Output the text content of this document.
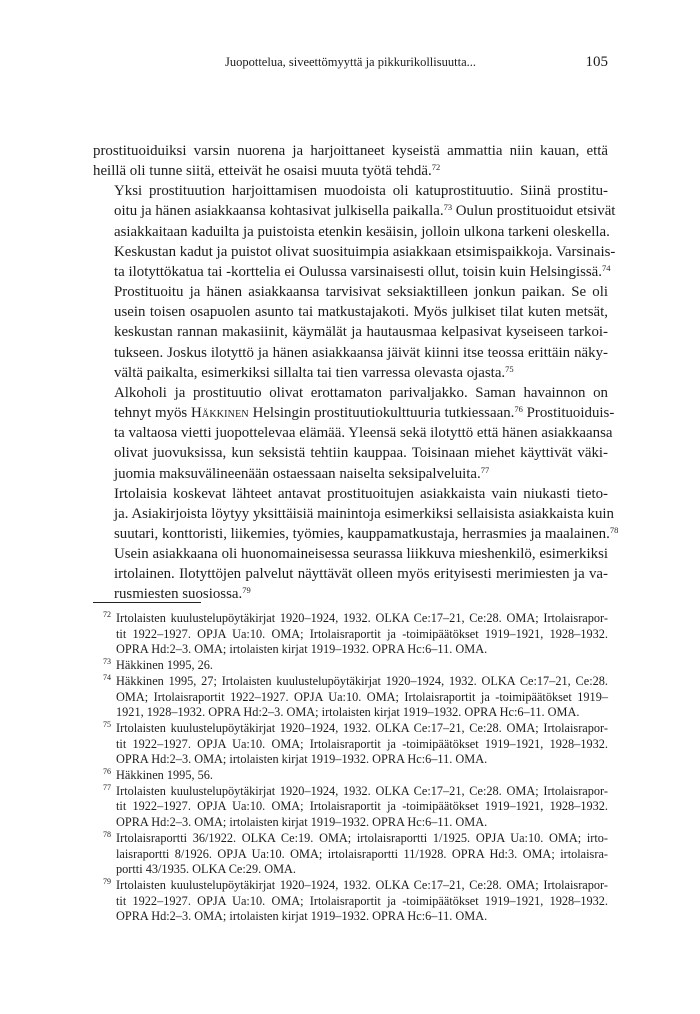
Juopottelua, siveettömyyttä ja pikkurikollisuutta...	105

prostituoiduiksi varsin nuorena ja harjoittaneet kyseistä ammattia niin kauan, että
heillä oli tunne siitä, etteivät he osaisi muuta työtä tehdä.$^{72}$

Yksi prostituution harjoittamisen muodoista oli katuprostituutio. Siinä prostitu-
oitu ja hänen asiakkaansa kohtasivat julkisella paikalla.$^{73}$ Oulun prostituoidut etsivät
asiakkaitaan kaduilta ja puistoista etenkin kesäisin, jolloin ulkona tarkeni oleskella.
Keskustan kadut ja puistot olivat suosituimpia asiakkaan etsimispaikkoja. Varsinais-
ta ilotyttökatua tai -korttelia ei Oulussa varsinaisesti ollut, toisin kuin Helsingissä.$^{74}$

Prostituoitu ja hänen asiakkaansa tarvisivat seksiaktilleen jonkun paikan. Se oli
usein toisen osapuolen asunto tai matkustajakoti. Myös julkiset tilat kuten metsät,
keskustan rannan makasiinit, käymälät ja hautausmaa kelpasivat kyseiseen tarkoi-
tukseen. Joskus ilotyttö ja hänen asiakkaansa jäivät kiinni itse teossa erittäin näky-
vältä paikalta, esimerkiksi sillalta tai tien varressa olevasta ojasta.$^{75}$

Alkoholi ja prostituutio olivat erottamaton parivaljakko. Saman havainnon on
tehnyt myös Häkkinen Helsingin prostituutiokulttuuria tutkiessaan.$^{76}$ Prostituoiduis-
ta valtaosa vietti juopottelevaa elämää. Yleensä sekä ilotyttö että hänen asiakkaansa
olivat juovuksissa, kun seksistä tehtiin kauppaa. Toisinaan miehet käyttivät väki-
juomia maksuvälineenään ostaessaan naiselta seksipalveluita.$^{77}$

Irtolaisia koskevat lähteet antavat prostituoitujen asiakkaista vain niukasti tieto-
ja. Asiakirjoista löytyy yksittäisiä mainintoja esimerkiksi sellaisista asiakkaista kuin
suutari, konttoristi, liikemies, työmies, kauppamatkustaja, herrasmies ja maalainen.$^{78}$
Usein asiakkaana oli huonomaineisessa seurassa liikkuva mieshenkilö, esimerkiksi
irtolainen. Ilotyttöjen palvelut näyttävät olleen myös erityisesti merimiesten ja va-
rusmiesten suosiossa.$^{79}$

72 Irtolaisten kuulustelupöytäkirjat 1920–1924, 1932. OLKA Ce:17–21, Ce:28. OMA; Irtolaisrapor-
tit 1922–1927. OPJA Ua:10. OMA; Irtolaisraportit ja -toimipäätökset 1919–1921, 1928–1932.
OPRA Hd:2–3. OMA; irtolaisten kirjat 1919–1932. OPRA Hc:6–11. OMA.
73 Häkkinen 1995, 26.
74 Häkkinen 1995, 27; Irtolaisten kuulustelupöytäkirjat 1920–1924, 1932. OLKA Ce:17–21, Ce:28.
OMA; Irtolaisraportit 1922–1927. OPJA Ua:10. OMA; Irtolaisraportit ja -toimipäätökset 1919–
1921, 1928–1932. OPRA Hd:2–3. OMA; irtolaisten kirjat 1919–1932. OPRA Hc:6–11. OMA.
75 Irtolaisten kuulustelupöytäkirjat 1920–1924, 1932. OLKA Ce:17–21, Ce:28. OMA; Irtolaisrapor-
tit 1922–1927. OPJA Ua:10. OMA; Irtolaisraportit ja -toimipäätökset 1919–1921, 1928–1932.
OPRA Hd:2–3. OMA; irtolaisten kirjat 1919–1932. OPRA Hc:6–11. OMA.
76 Häkkinen 1995, 56.
77 Irtolaisten kuulustelupöytäkirjat 1920–1924, 1932. OLKA Ce:17–21, Ce:28. OMA; Irtolaisrapor-
tit 1922–1927. OPJA Ua:10. OMA; Irtolaisraportit ja -toimipäätökset 1919–1921, 1928–1932.
OPRA Hd:2–3. OMA; irtolaisten kirjat 1919–1932. OPRA Hc:6–11. OMA.
78 Irtolaisraportti 36/1922. OLKA Ce:19. OMA; irtolaisraportti 1/1925. OPJA Ua:10. OMA; irto-
laisraportti 8/1926. OPJA Ua:10. OMA; irtolaisraportti 11/1928. OPRA Hd:3. OMA; irtolaisra-
portti 43/1935. OLKA Ce:29. OMA.
79 Irtolaisten kuulustelupöytäkirjat 1920–1924, 1932. OLKA Ce:17–21, Ce:28. OMA; Irtolaisrapor-
tit 1922–1927. OPJA Ua:10. OMA; Irtolaisraportit ja -toimipäätökset 1919–1921, 1928–1932.
OPRA Hd:2–3. OMA; irtolaisten kirjat 1919–1932. OPRA Hc:6–11. OMA.
